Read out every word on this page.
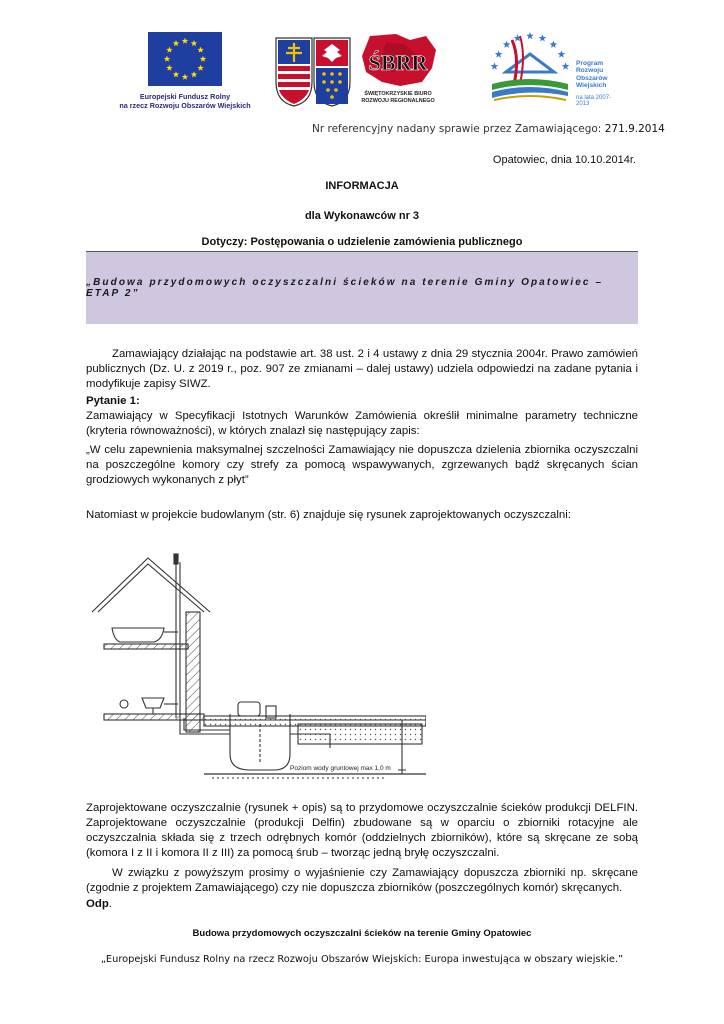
Europejski Fundusz Rolny
na rzecz Rozwoju Obszarów Wiejskich
ŚBRR
ŚWIĘTOKRZYSKIE BIURO
ROZWOJU REGIONALNEGO
Program
Rozwoju
Obszarów
Wiejskich
na lata 2007-2013
Nr referencyjny nadany sprawie przez Zamawiającego: 271.9.2014
Opatowiec, dnia 10.10.2014r.
INFORMACJA
dla Wykonawców nr 3
Dotyczy: Postępowania o udzielenie zamówienia publicznego
„Budowa przydomowych oczyszczalni ścieków na terenie Gminy Opatowiec – ETAP 2”
Zamawiający działając na podstawie art. 38 ust. 2 i 4 ustawy z dnia 29 stycznia 2004r. Prawo zamówień publicznych (Dz. U. z 2019 r., poz. 907 ze zmianami – dalej ustawy) udziela odpowiedzi na zadane pytania i modyfikuje zapisy SIWZ.
Pytanie 1:
Zamawiający w Specyfikacji Istotnych Warunków Zamówienia określił minimalne parametry techniczne (kryteria równoważności), w których znalazł się następujący zapis:
„W celu zapewnienia maksymalnej szczelności Zamawiający nie dopuszcza dzielenia zbiornika oczyszczalni na poszczególne komory czy strefy za pomocą wspawywanych, zgrzewanych bądź skręcanych ścian grodziowych wykonanych z płyt”
Natomiast w projekcie budowlanym (str. 6) znajduje się rysunek zaprojektowanych oczyszczalni:
Poziom wody gruntowej max 1,0 m
Zaprojektowane oczyszczalnie (rysunek + opis) są to przydomowe oczyszczalnie ścieków produkcji DELFIN. Zaprojektowane oczyszczalnie (produkcji Delfin) zbudowane są w oparciu o zbiorniki rotacyjne ale oczyszczalnia składa się z trzech odrębnych komór (oddzielnych zbiorników), które są skręcane ze sobą (komora I z II i komora II z III) za pomocą śrub – tworząc jedną bryłę oczyszczalni.
W związku z powyższym prosimy o wyjaśnienie czy Zamawiający dopuszcza zbiorniki np. skręcane (zgodnie z projektem Zamawiającego) czy nie dopuszcza zbiorników (poszczególnych komór) skręcanych.
Odp.
Budowa przydomowych oczyszczalni ścieków na terenie Gminy Opatowiec
„Europejski Fundusz Rolny na rzecz Rozwoju Obszarów Wiejskich: Europa inwestująca w obszary wiejskie.”
